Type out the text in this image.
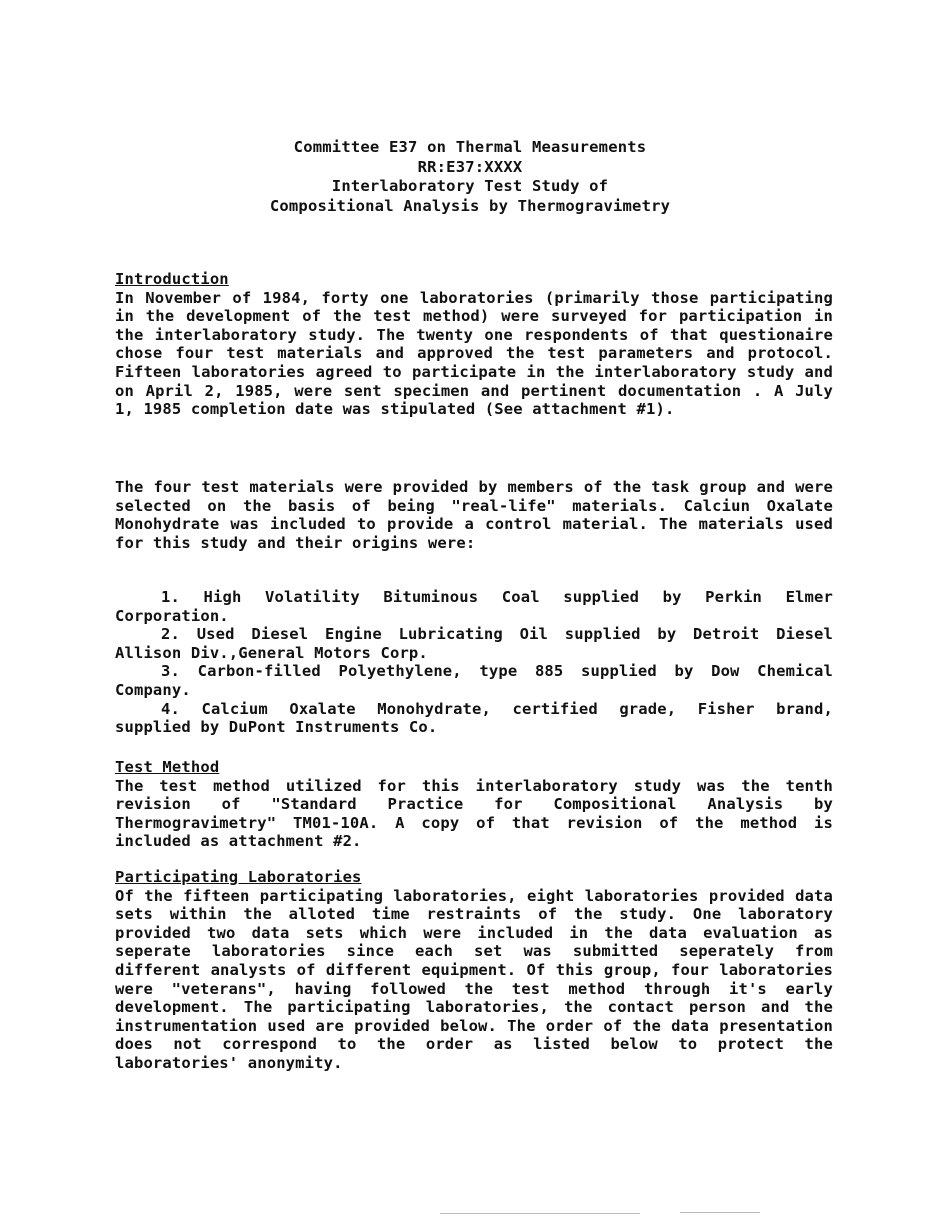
Committee E37 on Thermal Measurements
RR:E37:XXXX
Interlaboratory Test Study of
Compositional Analysis by Thermogravimetry
Introduction

In November of 1984, forty one laboratories (primarily those participating in the development of the test method) were surveyed for participation in the interlaboratory study. The twenty one respondents of that questionaire chose four test materials and approved the test parameters and protocol. Fifteen laboratories agreed to participate in the interlaboratory study and on April 2, 1985, were sent specimen and pertinent documentation . A July 1, 1985 completion date was stipulated (See attachment #1).

The four test materials were provided by members of the task group and were selected on the basis of being "real-life" materials. Calciun Oxalate Monohydrate was included to provide a control material. The materials used for this study and their origins were:

1. High Volatility Bituminous Coal supplied by Perkin Elmer Corporation.

2. Used Diesel Engine Lubricating Oil supplied by Detroit Diesel Allison Div.,General Motors Corp.

3. Carbon-filled Polyethylene, type 885 supplied by Dow Chemical Company.

4. Calcium Oxalate Monohydrate, certified grade, Fisher brand, supplied by DuPont Instruments Co.

Test Method

The test method utilized for this interlaboratory study was the tenth revision of "Standard Practice for Compositional Analysis by Thermogravimetry" TM01-10A. A copy of that revision of the method is included as attachment #2.

Participating Laboratories

Of the fifteen participating laboratories, eight laboratories provided data sets within the alloted time restraints of the study. One laboratory provided two data sets which were included in the data evaluation as seperate laboratories since each set was submitted seperately from different analysts of different equipment. Of this group, four laboratories were "veterans", having followed the test method through it's early development. The participating laboratories, the contact person and the instrumentation used are provided below. The order of the data presentation does not correspond to the order as listed below to protect the laboratories' anonymity.
